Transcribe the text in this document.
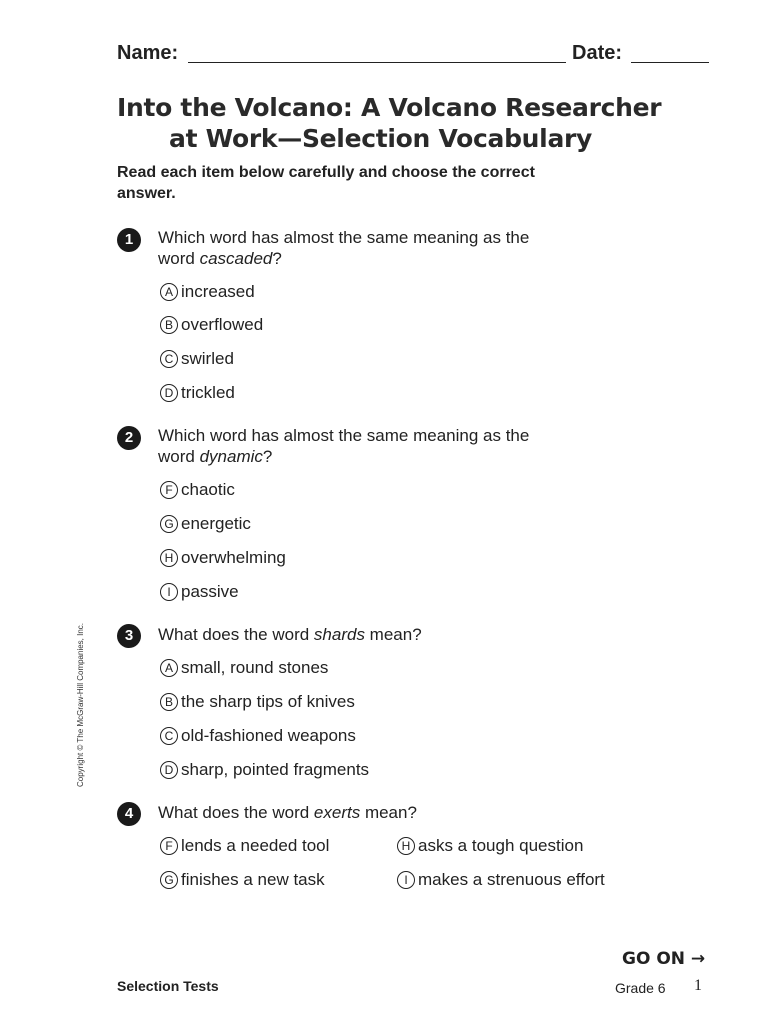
Name:	Date:
Into the Volcano: A Volcano Researcher
at Work—Selection Vocabulary
Read each item below carefully and choose the correct answer.
1	Which word has almost the same meaning as the word cascaded?
A increased
B overflowed
C swirled
D trickled
2	Which word has almost the same meaning as the word dynamic?
F chaotic
G energetic
H overwhelming
I passive
3	What does the word shards mean?
A small, round stones
B the sharp tips of knives
C old-fashioned weapons
D sharp, pointed fragments
4	What does the word exerts mean?
F lends a needed tool
G finishes a new task
H asks a tough question
I makes a strenuous effort
Copyright © The McGraw-Hill Companies, Inc.
GO ON →
Selection Tests	Grade 6 1
